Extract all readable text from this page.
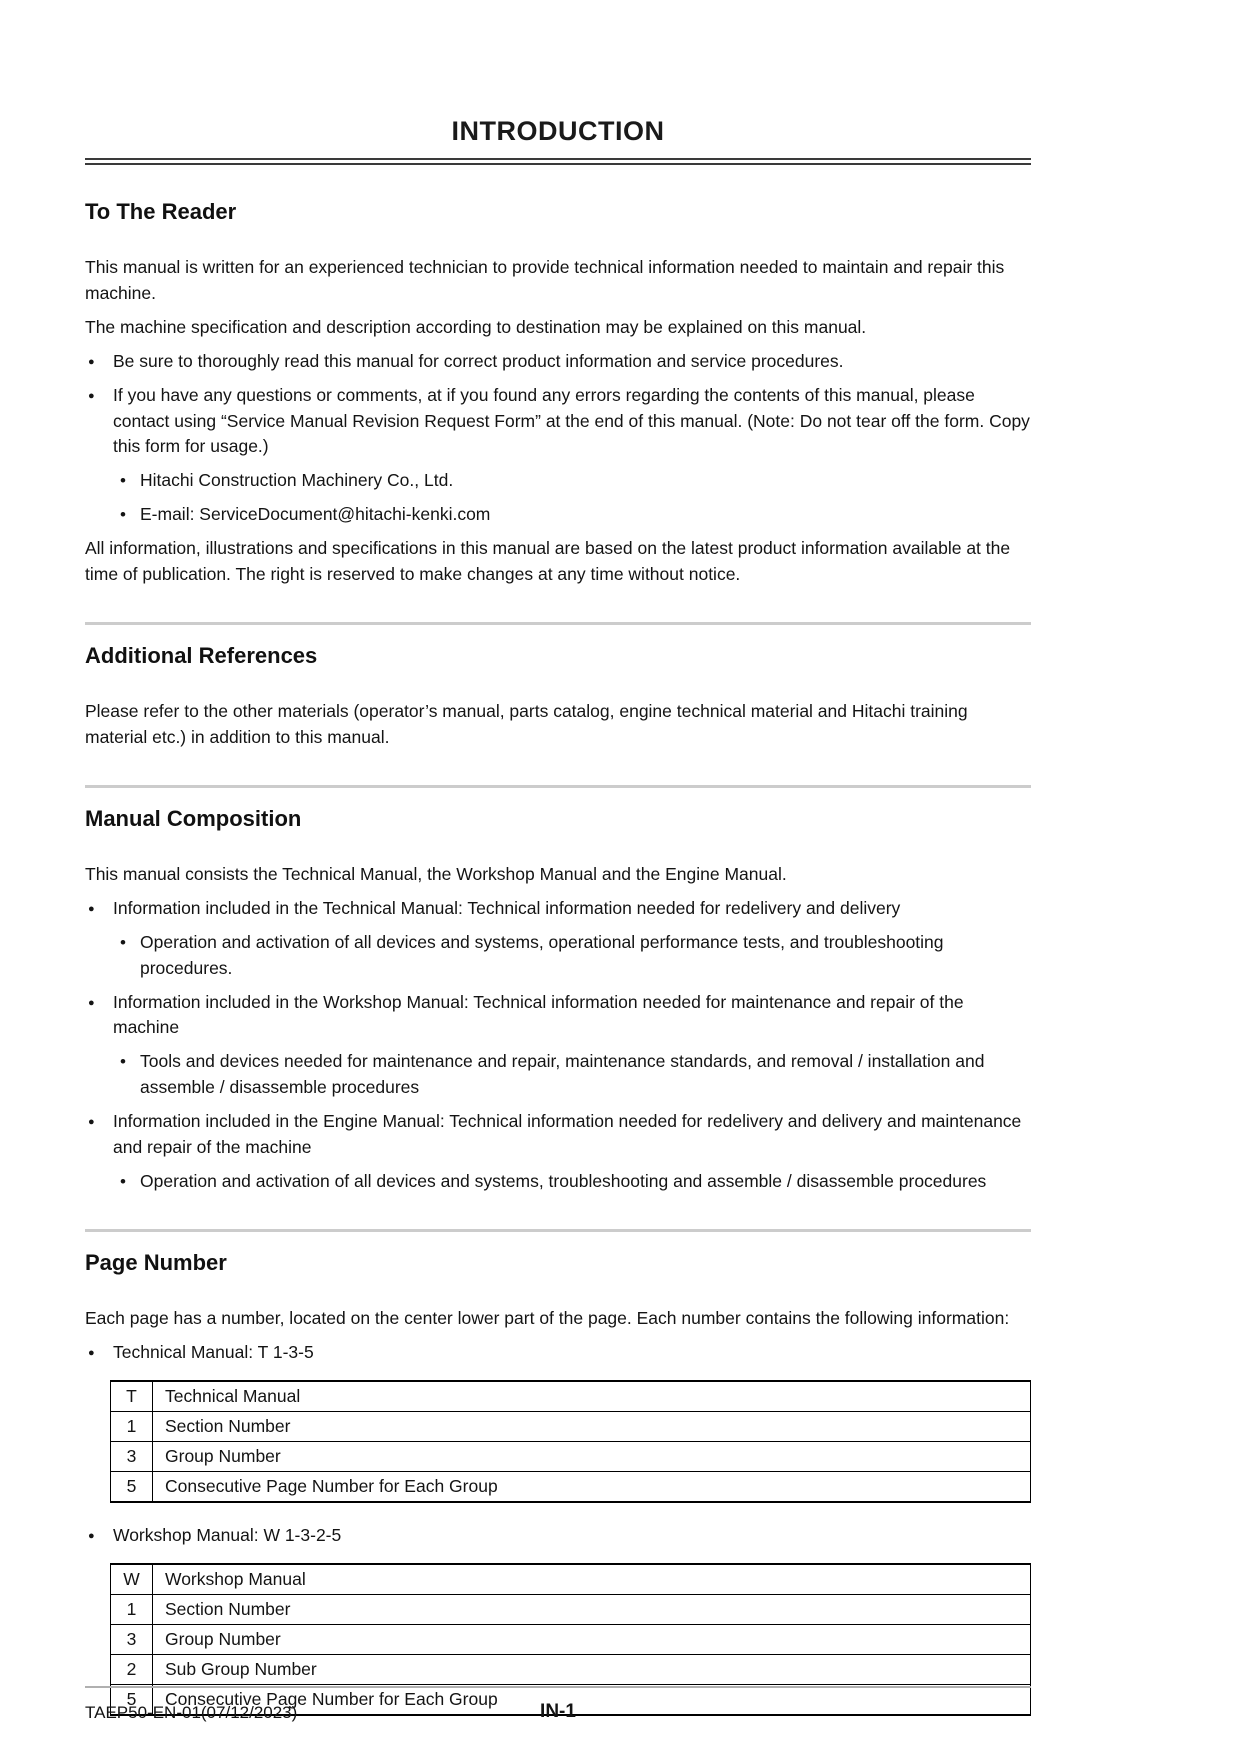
INTRODUCTION
To The Reader

This manual is written for an experienced technician to provide technical information needed to maintain and repair this machine.

The machine specification and description according to destination may be explained on this manual.

●	Be sure to thoroughly read this manual for correct product information and service procedures.
●	If you have any questions or comments, at if you found any errors regarding the contents of this manual, please contact using “Service Manual Revision Request Form” at the end of this manual. (Note: Do not tear off the form. Copy this form for usage.)
• Hitachi Construction Machinery Co., Ltd.
• E-mail: ServiceDocument@hitachi-kenki.com

All information, illustrations and specifications in this manual are based on the latest product information available at the time of publication. The right is reserved to make changes at any time without notice.

Additional References

Please refer to the other materials (operator’s manual, parts catalog, engine technical material and Hitachi training material etc.) in addition to this manual.

Manual Composition

This manual consists the Technical Manual, the Workshop Manual and the Engine Manual.

●	Information included in the Technical Manual: Technical information needed for redelivery and delivery
• Operation and activation of all devices and systems, operational performance tests, and troubleshooting procedures.
●	Information included in the Workshop Manual: Technical information needed for maintenance and repair of the machine
• Tools and devices needed for maintenance and repair, maintenance standards, and removal / installation and assemble / disassemble procedures
●	Information included in the Engine Manual: Technical information needed for redelivery and delivery and maintenance and repair of the machine
• Operation and activation of all devices and systems, troubleshooting and assemble / disassemble procedures
Page Number

Each page has a number, located on the center lower part of the page. Each number contains the following information:

●	Technical Manual: T 1-3-5
T	Technical Manual
1	Section Number
3	Group Number
5	Consecutive Page Number for Each Group
●	Workshop Manual: W 1-3-2-5
W	Workshop Manual
1	Section Number
3	Group Number
2	Sub Group Number
5	Consecutive Page Number for Each Group
TAEP50-EN-01(07/12/2023)	IN-1
